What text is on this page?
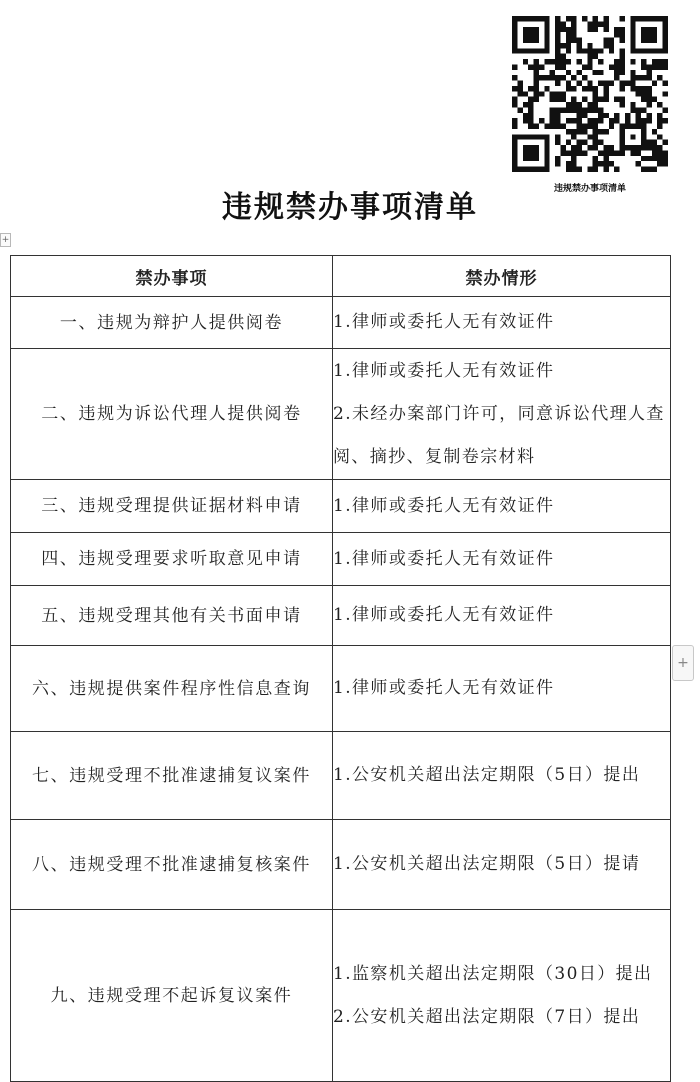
违规禁办事项清单
违规禁办事项清单
+
禁办事项	禁办情形
一、违规为辩护人提供阅卷	1.律师或委托人无有效证件

二、违规为诉讼代理人提供阅卷	1.律师或委托人无有效证件
2.未经办案部门许可，同意诉讼代理人查阅、摘抄、复制卷宗材料

三、违规受理提供证据材料申请	1.律师或委托人无有效证件

四、违规受理要求听取意见申请	1.律师或委托人无有效证件

五、违规受理其他有关书面申请	1.律师或委托人无有效证件

六、违规提供案件程序性信息查询	1.律师或委托人无有效证件

七、违规受理不批准逮捕复议案件	1.公安机关超出法定期限（5日）提出

八、违规受理不批准逮捕复核案件	1.公安机关超出法定期限（5日）提请

九、违规受理不起诉复议案件	1.监察机关超出法定期限（30日）提出
2.公安机关超出法定期限（7日）提出
+
